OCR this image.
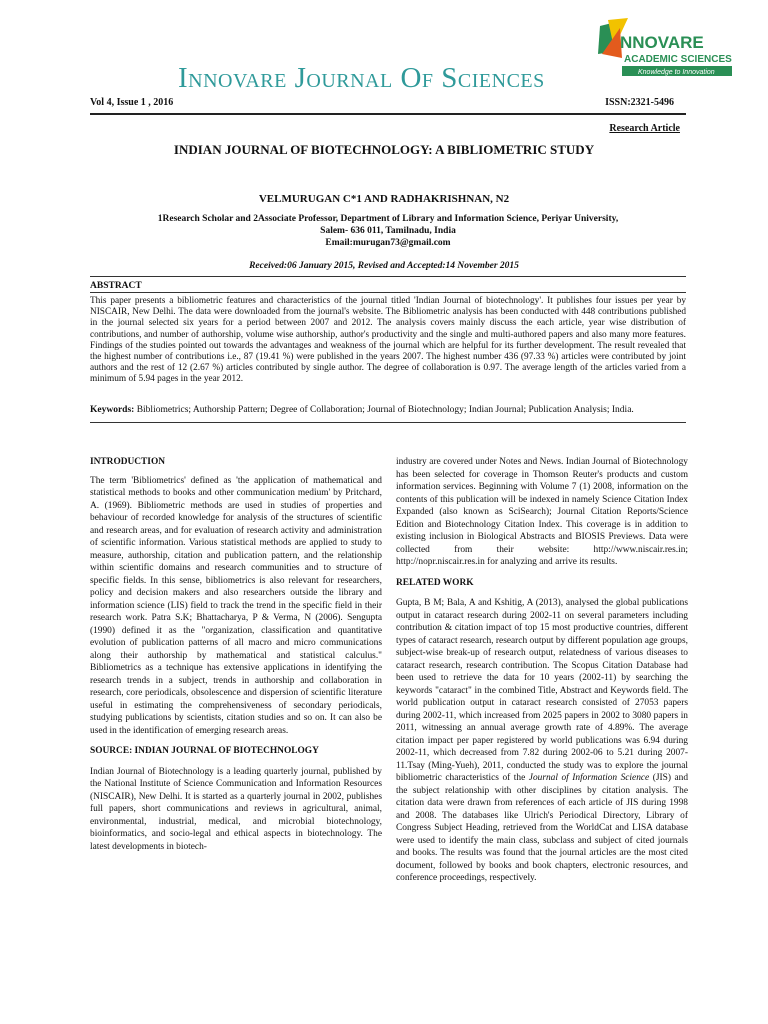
Innovare Journal Of Sciences
NNOVARE
ACADEMIC SCIENCES
Knowledge to Innovation
Vol 4, Issue 1 , 2016	ISSN:2321-5496
Research Article
INDIAN JOURNAL OF BIOTECHNOLOGY: A BIBLIOMETRIC STUDY
VELMURUGAN C*1 AND RADHAKRISHNAN, N2
1Research Scholar and 2Associate Professor, Department of Library and Information Science, Periyar University,
Salem- 636 011, Tamilnadu, India
Email:murugan73@gmail.com
Received:06 January 2015, Revised and Accepted:14 November 2015
ABSTRACT
This paper presents a bibliometric features and characteristics of the journal titled 'Indian Journal of biotechnology'. It publishes four issues per year by NISCAIR, New Delhi. The data were downloaded from the journal's website. The Bibliometric analysis has been conducted with 448 contributions published in the journal selected six years for a period between 2007 and 2012. The analysis covers mainly discuss the each article, year wise distribution of contributions, and number of authorship, volume wise authorship, author's productivity and the single and multi-authored papers and also many more features. Findings of the studies pointed out towards the advantages and weakness of the journal which are helpful for its further development. The result revealed that the highest number of contributions i.e., 87 (19.41 %) were published in the years 2007. The highest number 436 (97.33 %) articles were contributed by joint authors and the rest of 12 (2.67 %) articles contributed by single author. The degree of collaboration is 0.97. The average length of the articles varied from a minimum of 5.94 pages in the year 2012.
Keywords: Bibliometrics; Authorship Pattern; Degree of Collaboration; Journal of Biotechnology; Indian Journal; Publication Analysis; India.
INTRODUCTION

The term 'Bibliometrics' defined as 'the application of mathematical and statistical methods to books and other communication medium' by Pritchard, A. (1969). Bibliometric methods are used in studies of properties and behaviour of recorded knowledge for analysis of the structures of scientific and research areas, and for evaluation of research activity and administration of scientific information. Various statistical methods are applied to study to measure, authorship, citation and publication pattern, and the relationship within scientific domains and research communities and to structure of specific fields. In this sense, bibliometrics is also relevant for researchers, policy and decision makers and also researchers outside the library and information science (LIS) field to track the trend in the specific field in their research work. Patra S.K; Bhattacharya, P & Verma, N (2006). Sengupta (1990) defined it as the "organization, classification and quantitative evolution of publication patterns of all macro and micro communications along their authorship by mathematical and statistical calculus." Bibliometrics as a technique has extensive applications in identifying the research trends in a subject, trends in authorship and collaboration in research, core periodicals, obsolescence and dispersion of scientific literature useful in estimating the comprehensiveness of secondary periodicals, studying publications by scientists, citation studies and so on. It can also be used in the identification of emerging research areas.

SOURCE: INDIAN JOURNAL OF BIOTECHNOLOGY

Indian Journal of Biotechnology is a leading quarterly journal, published by the National Institute of Science Communication and Information Resources (NISCAIR), New Delhi. It is started as a quarterly journal in 2002, publishes full papers, short communications and reviews in agricultural, animal, environmental, industrial, medical, and microbial biotechnology, bioinformatics, and socio-legal and ethical aspects in biotechnology. The latest developments in biotech-

industry are covered under Notes and News. Indian Journal of Biotechnology has been selected for coverage in Thomson Reuter's products and custom information services. Beginning with Volume 7 (1) 2008, information on the contents of this publication will be indexed in namely Science Citation Index Expanded (also known as SciSearch); Journal Citation Reports/Science Edition and Biotechnology Citation Index. This coverage is in addition to existing inclusion in Biological Abstracts and BIOSIS Previews. Data were collected from their website: http://www.niscair.res.in; http://nopr.niscair.res.in for analyzing and arrive its results.

RELATED WORK

Gupta, B M; Bala, A and Kshitig, A (2013), analysed the global publications output in cataract research during 2002-11 on several parameters including contribution & citation impact of top 15 most productive countries, different types of cataract research, research output by different population age groups, subject-wise break-up of research output, relatedness of various diseases to cataract research, research contribution. The Scopus Citation Database had been used to retrieve the data for 10 years (2002-11) by searching the keywords "cataract" in the combined Title, Abstract and Keywords field. The world publication output in cataract research consisted of 27053 papers during 2002-11, which increased from 2025 papers in 2002 to 3080 papers in 2011, witnessing an annual average growth rate of 4.89%. The average citation impact per paper registered by world publications was 6.94 during 2002-11, which decreased from 7.82 during 2002-06 to 5.21 during 2007-11.Tsay (Ming-Yueh), 2011, conducted the study was to explore the journal bibliometric characteristics of the Journal of Information Science (JIS) and the subject relationship with other disciplines by citation analysis. The citation data were drawn from references of each article of JIS during 1998 and 2008. The databases like Ulrich's Periodical Directory, Library of Congress Subject Heading, retrieved from the WorldCat and LISA database were used to identify the main class, subclass and subject of cited journals and books. The results was found that the journal articles are the most cited document, followed by books and book chapters, electronic resources, and conference proceedings, respectively.
